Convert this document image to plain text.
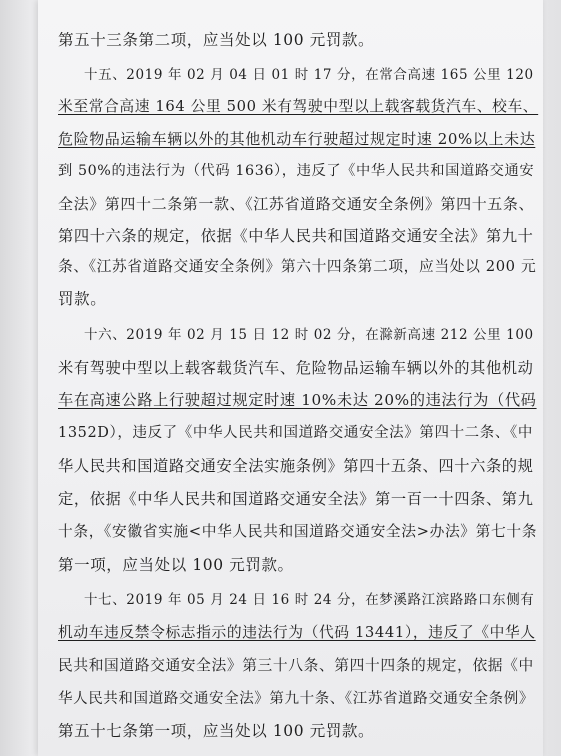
第五十三条第二项，应当处以 100 元罚款。
十五、2019 年 02 月 04 日 01 时 17 分，在常合高速 165 公里 120
米至常合高速 164 公里 500 米有驾驶中型以上载客载货汽车、校车、
危险物品运输车辆以外的其他机动车行驶超过规定时速 20%以上未达
到 50%的违法行为（代码 1636），违反了《中华人民共和国道路交通安
全法》第四十二条第一款、《江苏省道路交通安全条例》第四十五条、
第四十六条的规定，依据《中华人民共和国道路交通安全法》第九十
条、《江苏省道路交通安全条例》第六十四条第二项，应当处以 200 元
罚款。
十六、2019 年 02 月 15 日 12 时 02 分，在滁新高速 212 公里 100
米有驾驶中型以上载客载货汽车、危险物品运输车辆以外的其他机动
车在高速公路上行驶超过规定时速 10%未达 20%的违法行为（代码
1352D），违反了《中华人民共和国道路交通安全法》第四十二条、《中
华人民共和国道路交通安全法实施条例》第四十五条、四十六条的规
定，依据《中华人民共和国道路交通安全法》第一百一十四条、第九
十条，《安徽省实施<中华人民共和国道路交通安全法>办法》第七十条
第一项，应当处以 100 元罚款。
十七、2019 年 05 月 24 日 16 时 24 分，在梦溪路江滨路路口东侧有
机动车违反禁令标志指示的违法行为（代码 13441），违反了《中华人
民共和国道路交通安全法》第三十八条、第四十四条的规定，依据《中
华人民共和国道路交通安全法》第九十条、《江苏省道路交通安全条例》
第五十七条第一项，应当处以 100 元罚款。
